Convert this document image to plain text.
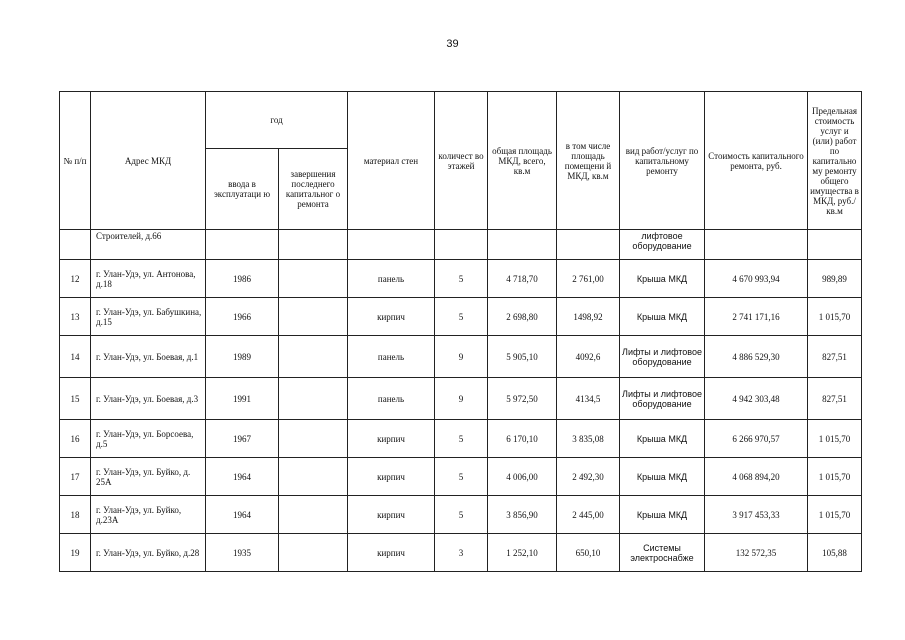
39
№ п/п	Адрес МКД	год		материал стен	количест во этажей	общая площадь МКД, всего, кв.м	в том числе площадь помещени й МКД, кв.м	вид работ/услуг по капитальному ремонту	Стоимость капитального ремонта, руб.	Предельная стоимость услуг и (или) работ по капитально му ремонту общего имущества в МКД, руб./кв.м
		ввода в эксплуатаци ю	завершения последнего капитальног о ремонта							
	Строителей, д.66							лифтовое оборудование		
12	г. Улан-Удэ, ул. Антонова, д.18	1986		панель	5	4 718,70	2 761,00	Крыша МКД	4 670 993,94	989,89
13	г. Улан-Удэ, ул. Бабушкина, д.15	1966		кирпич	5	2 698,80	1498,92	Крыша МКД	2 741 171,16	1 015,70
14	г. Улан-Удэ, ул. Боевая, д.1	1989		панель	9	5 905,10	4092,6	Лифты и лифтовое оборудование	4 886 529,30	827,51
15	г. Улан-Удэ, ул. Боевая, д.3	1991		панель	9	5 972,50	4134,5	Лифты и лифтовое оборудование	4 942 303,48	827,51
16	г. Улан-Удэ, ул. Борсоева, д.5	1967		кирпич	5	6 170,10	3 835,08	Крыша МКД	6 266 970,57	1 015,70
17	г. Улан-Удэ, ул. Буйко, д. 25А	1964		кирпич	5	4 006,00	2 492,30	Крыша МКД	4 068 894,20	1 015,70
18	г. Улан-Удэ, ул. Буйко, д.23А	1964		кирпич	5	3 856,90	2 445,00	Крыша МКД	3 917 453,33	1 015,70
19	г. Улан-Удэ, ул. Буйко, д.28	1935		кирпич	3	1 252,10	650,10	Системы электроснабже	132 572,35	105,88
